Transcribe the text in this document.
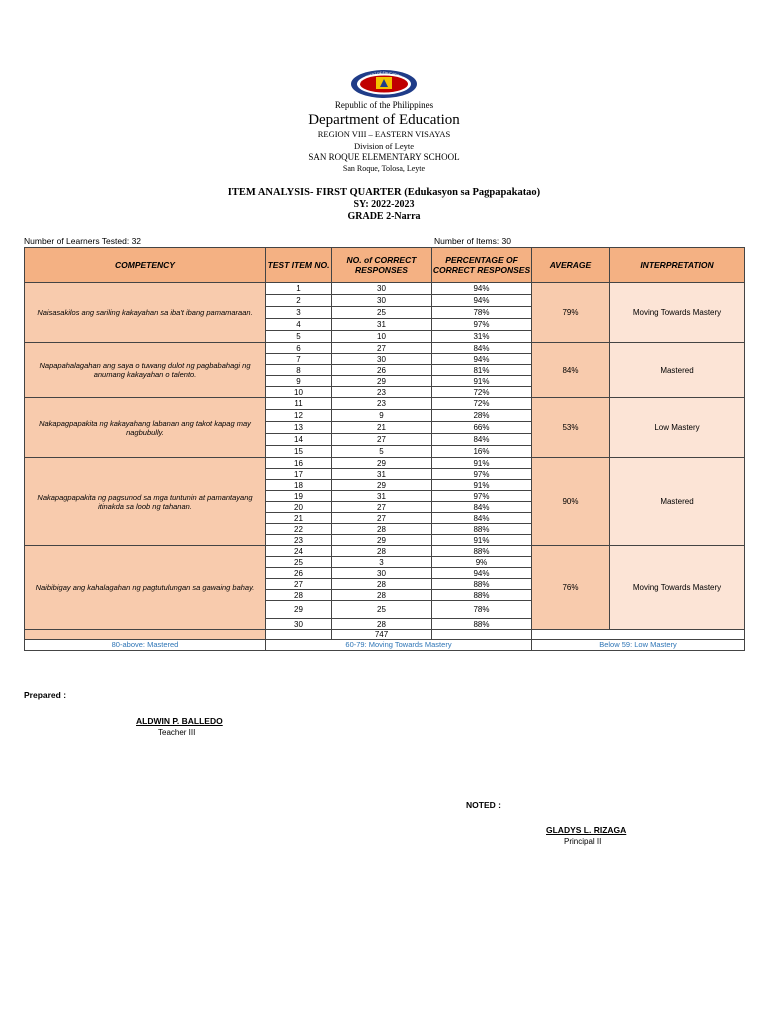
DEPARTMENT OF EDUCATION
Republic of the Philippines
Department of Education
REGION VIII – EASTERN VISAYAS
Division of Leyte
SAN ROQUE ELEMENTARY SCHOOL
San Roque, Tolosa, Leyte
ITEM ANALYSIS- FIRST QUARTER (Edukasyon sa Pagpapakatao)
SY: 2022-2023
GRADE 2-Narra
Number of Learners Tested: 32	Number of Items: 30
COMPETENCY	TEST ITEM NO.	NO. of CORRECT RESPONSES	PERCENTAGE OF CORRECT RESPONSES	AVERAGE	INTERPRETATION
Naisasakilos ang sariling kakayahan sa iba't ibang pamamaraan.	1	30	94%	79%	Moving Towards Mastery
	2	30	94%		
	3	25	78%		
	4	31	97%		
	5	10	31%		
Napapahalagahan ang saya o tuwang dulot ng pagbabahagi ng anumang kakayahan o talento.	6	27	84%	84%	Mastered
	7	30	94%		
	8	26	81%		
	9	29	91%		
	10	23	72%		
Nakapagpapakita ng kakayahang labanan ang takot kapag may nagbubully.	11	23	72%	53%	Low Mastery
	12	9	28%		
	13	21	66%		
	14	27	84%		
	15	5	16%		
Nakapagpapakita ng pagsunod sa mga tuntunin at pamantayang itinakda sa loob ng tahanan.	16	29	91%	90%	Mastered
	17	31	97%		
	18	29	91%		
	19	31	97%		
	20	27	84%		
	21	27	84%		
	22	28	88%		
	23	29	91%		
Naibibigay ang kahalagahan ng pagtutulungan sa gawaing bahay.	24	28	88%	76%	Moving Towards Mastery
	25	3	9%		
	26	30	94%		
	27	28	88%		
	28	28	88%		
	29	25	78%		
	30	28	88%		
		747			
80-above: Mastered	60-79: Moving Towards Mastery			Below 59: Low Mastery	
Prepared :
ALDWIN P. BALLEDO
Teacher III
NOTED :
GLADYS L. RIZAGA
Principal II
